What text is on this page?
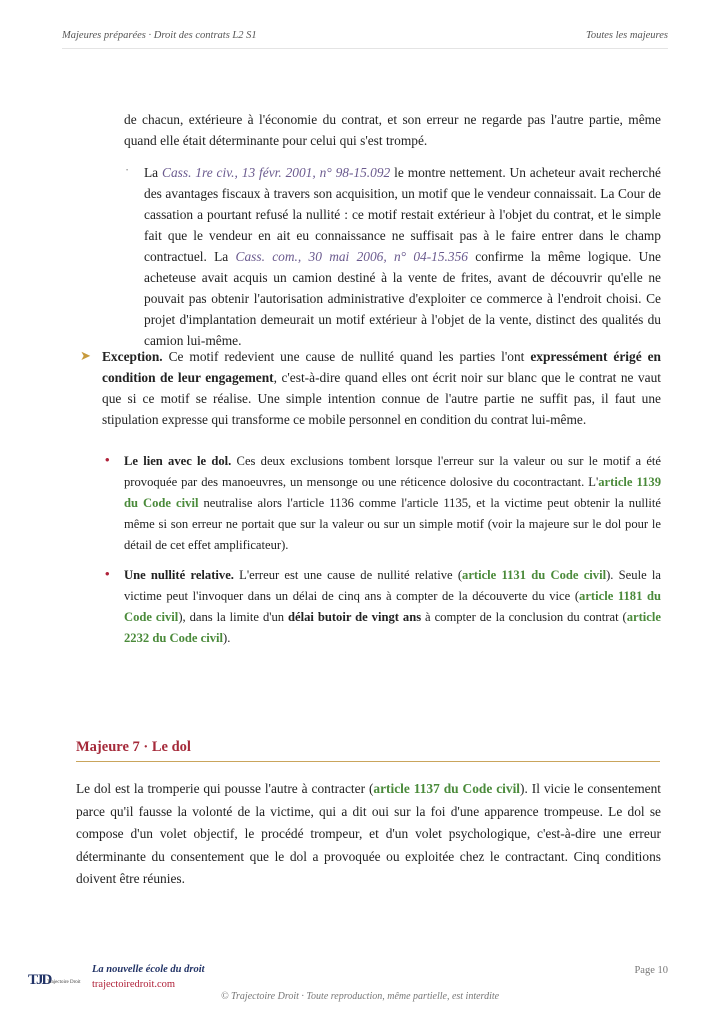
Majeures préparées · Droit des contrats L2 S1	Toutes les majeures

de chacun, extérieure à l'économie du contrat, et son erreur ne regarde pas l'autre partie, même quand elle était déterminante pour celui qui s'est trompé.

· La Cass. 1re civ., 13 févr. 2001, n° 98-15.092 le montre nettement. Un acheteur avait recherché des avantages fiscaux à travers son acquisition, un motif que le vendeur connaissait. La Cour de cassation a pourtant refusé la nullité : ce motif restait extérieur à l'objet du contrat, et le simple fait que le vendeur en ait eu connaissance ne suffisait pas à le faire entrer dans le champ contractuel. La Cass. com., 30 mai 2006, n° 04-15.356 confirme la même logique. Une acheteuse avait acquis un camion destiné à la vente de frites, avant de découvrir qu'elle ne pouvait pas obtenir l'autorisation administrative d'exploiter ce commerce à l'endroit choisi. Ce projet d'implantation demeurait un motif extérieur à l'objet de la vente, distinct des qualités du camion lui-même.

➤ Exception. Ce motif redevient une cause de nullité quand les parties l'ont expressément érigé en condition de leur engagement, c'est-à-dire quand elles ont écrit noir sur blanc que le contrat ne vaut que si ce motif se réalise. Une simple intention connue de l'autre partie ne suffit pas, il faut une stipulation expresse qui transforme ce mobile personnel en condition du contrat lui-même.

• Le lien avec le dol. Ces deux exclusions tombent lorsque l'erreur sur la valeur ou sur le motif a été provoquée par des manoeuvres, un mensonge ou une réticence dolosive du cocontractant. L'article 1139 du Code civil neutralise alors l'article 1136 comme l'article 1135, et la victime peut obtenir la nullité même si son erreur ne portait que sur la valeur ou sur un simple motif (voir la majeure sur le dol pour le détail de cet effet amplificateur).

• Une nullité relative. L'erreur est une cause de nullité relative (article 1131 du Code civil). Seule la victime peut l'invoquer dans un délai de cinq ans à compter de la découverte du vice (article 1181 du Code civil), dans la limite d'un délai butoir de vingt ans à compter de la conclusion du contrat (article 2232 du Code civil).

Majeure 7 · Le dol

Le dol est la tromperie qui pousse l'autre à contracter (article 1137 du Code civil). Il vicie le consentement parce qu'il fausse la volonté de la victime, qui a dit oui sur la foi d'une apparence trompeuse. Le dol se compose d'un volet objectif, le procédé trompeur, et d'un volet psychologique, c'est-à-dire une erreur déterminante du consentement que le dol a provoquée ou exploitée chez le contractant. Cinq conditions doivent être réunies.

TJD
Trajectoire Droit
La nouvelle école du droit
trajectoiredroit.com
Page 10
© Trajectoire Droit · Toute reproduction, même partielle, est interdite
